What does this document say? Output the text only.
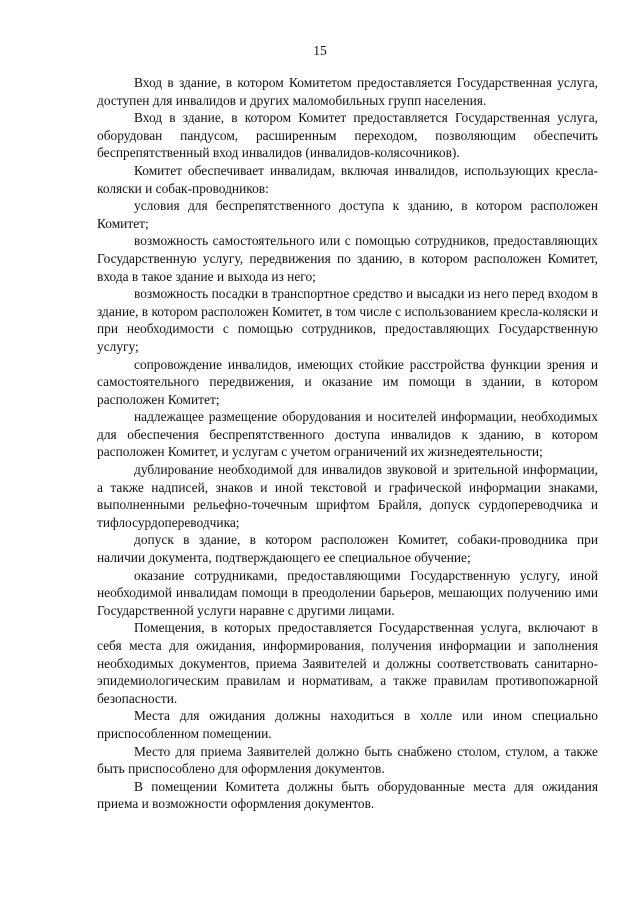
15

Вход в здание, в котором Комитетом предоставляется Государственная услуга, доступен для инвалидов и других маломобильных групп населения.

Вход в здание, в котором Комитет предоставляется Государственная услуга, оборудован пандусом, расширенным переходом, позволяющим обеспечить беспрепятственный вход инвалидов (инвалидов-колясочников).

Комитет обеспечивает инвалидам, включая инвалидов, использующих кресла-коляски и собак-проводников:

условия для беспрепятственного доступа к зданию, в котором расположен Комитет;

возможность самостоятельного или с помощью сотрудников, предоставляющих Государственную услугу, передвижения по зданию, в котором расположен Комитет, входа в такое здание и выхода из него;

возможность посадки в транспортное средство и высадки из него перед входом в здание, в котором расположен Комитет, в том числе с использованием кресла-коляски и при необходимости с помощью сотрудников, предоставляющих Государственную услугу;

сопровождение инвалидов, имеющих стойкие расстройства функции зрения и самостоятельного передвижения, и оказание им помощи в здании, в котором расположен Комитет;

надлежащее размещение оборудования и носителей информации, необходимых для обеспечения беспрепятственного доступа инвалидов к зданию, в котором расположен Комитет, и услугам с учетом ограничений их жизнедеятельности;

дублирование необходимой для инвалидов звуковой и зрительной информации, а также надписей, знаков и иной текстовой и графической информации знаками, выполненными рельефно-точечным шрифтом Брайля, допуск сурдопереводчика и тифлосурдопереводчика;

допуск в здание, в котором расположен Комитет, собаки-проводника при наличии документа, подтверждающего ее специальное обучение;

оказание сотрудниками, предоставляющими Государственную услугу, иной необходимой инвалидам помощи в преодолении барьеров, мешающих получению ими Государственной услуги наравне с другими лицами.

Помещения, в которых предоставляется Государственная услуга, включают в себя места для ожидания, информирования, получения информации и заполнения необходимых документов, приема Заявителей и должны соответствовать санитарно-эпидемиологическим правилам и нормативам, а также правилам противопожарной безопасности.

Места для ожидания должны находиться в холле или ином специально приспособленном помещении.

Место для приема Заявителей должно быть снабжено столом, стулом, а также быть приспособлено для оформления документов.

В помещении Комитета должны быть оборудованные места для ожидания приема и возможности оформления документов.
